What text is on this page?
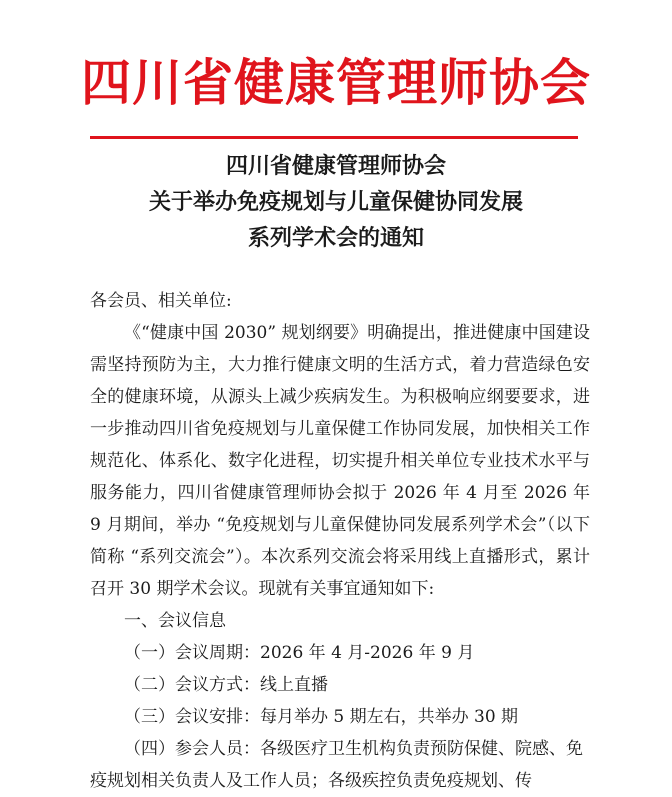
四川省健康管理师协会
四川省健康管理师协会
关于举办免疫规划与儿童保健协同发展
系列学术会的通知

各会员、相关单位:

《“健康中国 2030” 规划纲要》明确提出，推进健康中国建设需坚持预防为主，大力推行健康文明的生活方式，着力营造绿色安全的健康环境，从源头上减少疾病发生。为积极响应纲要要求，进一步推动四川省免疫规划与儿童保健工作协同发展，加快相关工作规范化、体系化、数字化进程，切实提升相关单位专业技术水平与服务能力，四川省健康管理师协会拟于 2026 年 4 月至 2026 年 9 月期间，举办 “免疫规划与儿童保健协同发展系列学术会”（以下简称 “系列交流会”）。本次系列交流会将采用线上直播形式，累计召开 30 期学术会议。现就有关事宜通知如下:

一、会议信息

（一）会议周期：2026 年 4 月-2026 年 9 月

（二）会议方式：线上直播

（三）会议安排：每月举办 5 期左右，共举办 30 期

（四）参会人员：各级医疗卫生机构负责预防保健、院感、免疫规划相关负责人及工作人员；各级疾控负责免疫规划、传
